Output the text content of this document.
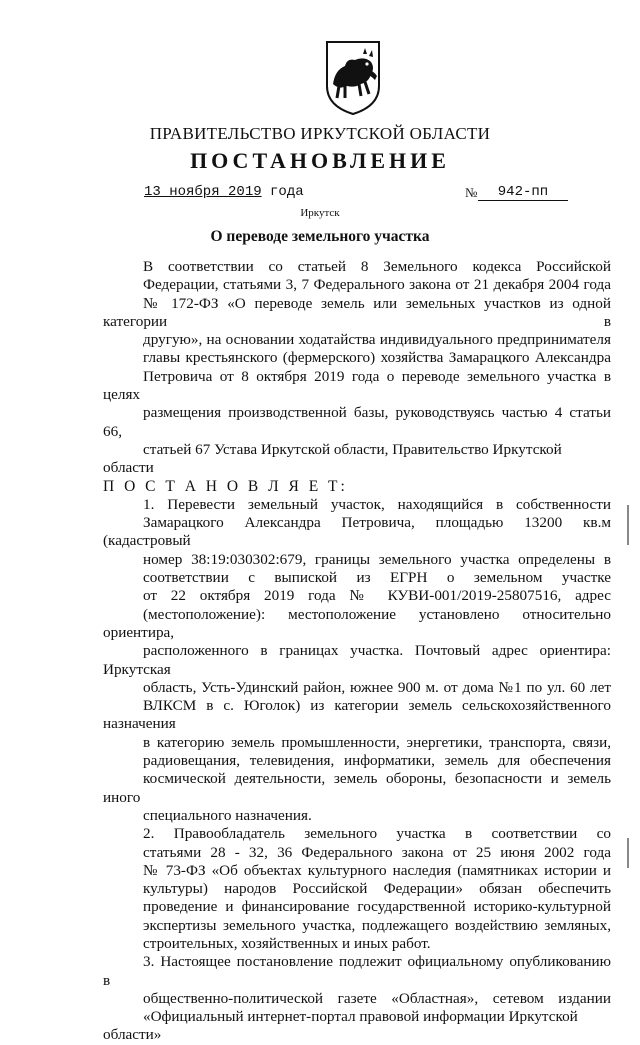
ПРАВИТЕЛЬСТВО ИРКУТСКОЙ ОБЛАСТИ
ПОСТАНОВЛЕНИЕ
13 ноября 2019 года	№	942-пп
Иркутск
О переводе земельного участка

В соответствии со статьей 8 Земельного кодекса Российской
Федерации, статьями 3, 7 Федерального закона от 21 декабря 2004 года
№ 172-ФЗ «О переводе земель или земельных участков из одной категории в
другую», на основании ходатайства индивидуального предпринимателя
главы крестьянского (фермерского) хозяйства Замарацкого Александра
Петровича от 8 октября 2019 года о переводе земельного участка в целях
размещения производственной базы, руководствуясь частью 4 статьи 66,
статьей 67 Устава Иркутской области, Правительство Иркутской области

П О С Т А Н О В Л Я Е Т:

1. Перевести земельный участок, находящийся в собственности
Замарацкого Александра Петровича, площадью 13200 кв.м (кадастровый
номер 38:19:030302:679, границы земельного участка определены в
соответствии с выпиской из ЕГРН о земельном участке
от 22 октября 2019 года № КУВИ-001/2019-25807516, адрес
(местоположение): местоположение установлено относительно ориентира,
расположенного в границах участка. Почтовый адрес ориентира: Иркутская
область, Усть-Удинский район, южнее 900 м. от дома №1 по ул. 60 лет
ВЛКСМ в с. Юголок) из категории земель сельскохозяйственного назначения
в категорию земель промышленности, энергетики, транспорта, связи,
радиовещания, телевидения, информатики, земель для обеспечения
космической деятельности, земель обороны, безопасности и земель иного
специального назначения.

2. Правообладатель земельного участка в соответствии со
статьями 28 - 32, 36 Федерального закона от 25 июня 2002 года
№ 73-ФЗ «Об объектах культурного наследия (памятниках истории и
культуры) народов Российской Федерации» обязан обеспечить
проведение и финансирование государственной историко-культурной
экспертизы земельного участка, подлежащего воздействию земляных,
строительных, хозяйственных и иных работ.

3. Настоящее постановление подлежит официальному опубликованию в
общественно-политической газете «Областная», сетевом издании
«Официальный интернет-портал правовой информации Иркутской области»
